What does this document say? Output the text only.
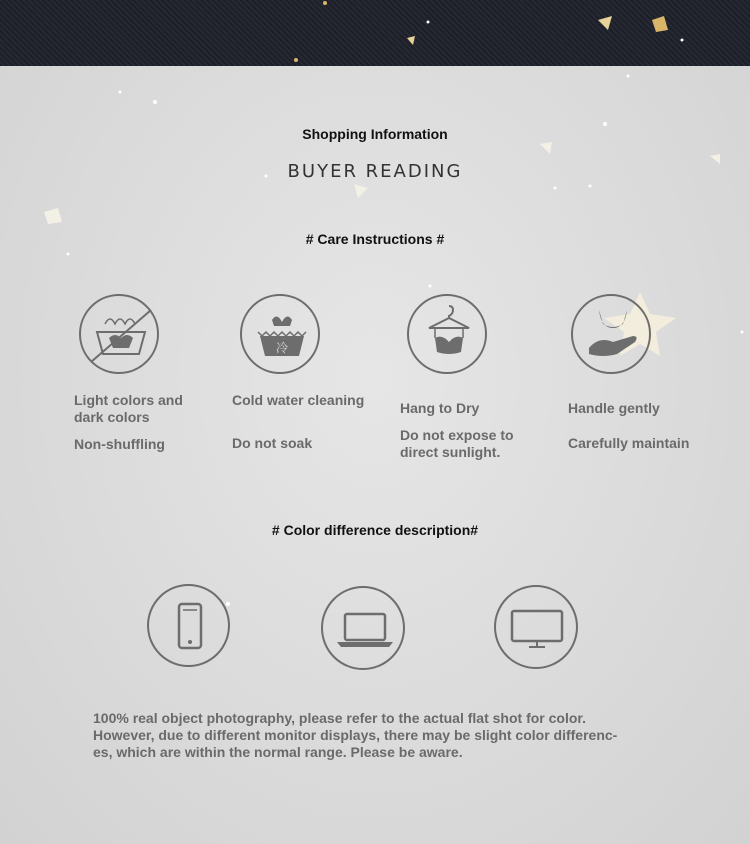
Shopping Information

BUYER READING

# Care Instructions #

冷
Light colors and dark colors
Non-shuffling
Cold water cleaning
Do not soak
Hang to Dry
Do not expose to direct sunlight.
Handle gently
Carefully maintain

# Color difference description#

100% real object photography, please refer to the actual flat shot for color. However, due to different monitor displays, there may be slight color differenc-es, which are within the normal range. Please be aware.
